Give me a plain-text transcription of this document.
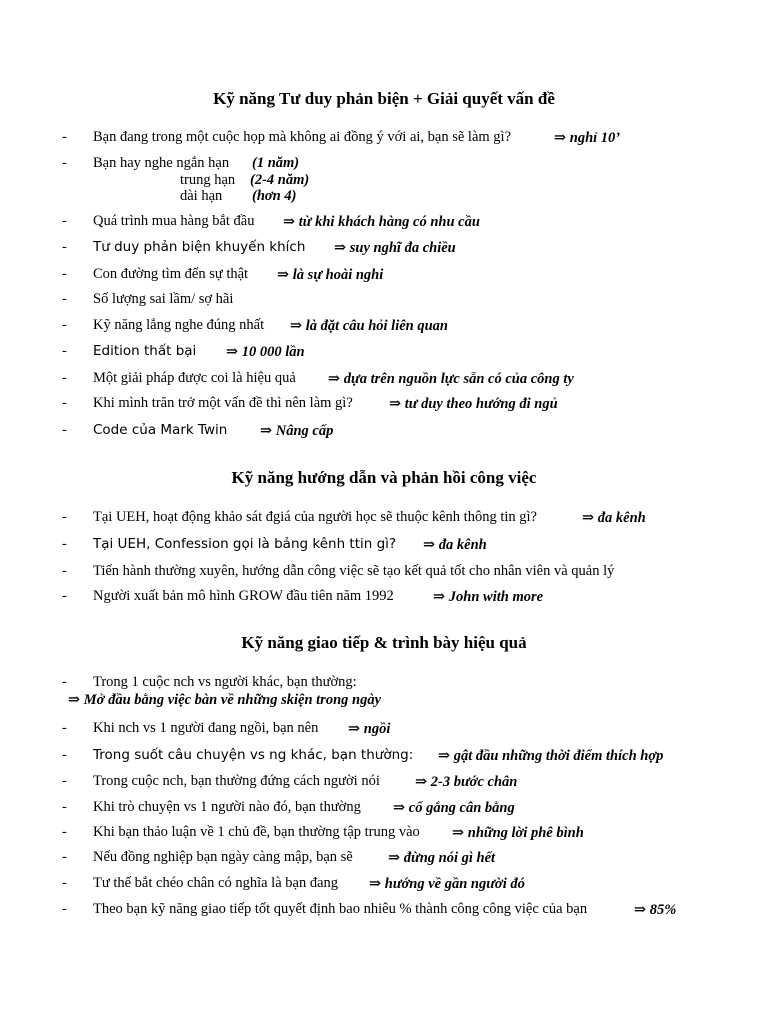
Kỹ năng Tư duy phản biện + Giải quyết vấn đề
- Bạn đang trong một cuộc họp mà không ai đồng ý với ai, bạn sẽ làm gì?	⇒ nghỉ 10’
- Bạn hay nghe ngắn hạn (1 năm)
trung hạn (2-4 năm)
dài hạn (hơn 4)
- Quá trình mua hàng bắt đầu ⇒ từ khi khách hàng có nhu cầu
- Tư duy phản biện khuyến khích ⇒ suy nghĩ đa chiều
- Con đường tìm đến sự thật ⇒ là sự hoài nghi
- Số lượng sai lầm/ sợ hãi
- Kỹ năng lắng nghe đúng nhất ⇒ là đặt câu hỏi liên quan
- Edition thất bại ⇒ 10 000 lần
- Một giải pháp được coi là hiệu quả ⇒ dựa trên nguồn lực sẵn có của công ty
- Khi mình trăn trở một vấn đề thì nên làm gì? ⇒ tư duy theo hướng đi ngủ
- Code của Mark Twin ⇒ Nâng cấp
Kỹ năng hướng dẫn và phản hồi công việc
- Tại UEH, hoạt động khảo sát đgiá của người học sẽ thuộc kênh thông tin gì?	⇒ đa kênh
- Tại UEH, Confession gọi là bảng kênh ttin gì? ⇒ đa kênh
- Tiến hành thường xuyên, hướng dẫn công việc sẽ tạo kết quả tốt cho nhân viên và quản lý
- Người xuất bản mô hình GROW đầu tiên năm 1992	⇒ John with more
Kỹ năng giao tiếp & trình bày hiệu quả
- Trong 1 cuộc nch vs người khác, bạn thường:
⇒ Mở đầu bằng việc bàn về những skiện trong ngày
- Khi nch vs 1 người đang ngồi, bạn nên ⇒ ngồi
- Trong suốt câu chuyện vs ng khác, bạn thường: ⇒ gật đầu những thời điểm thích hợp
- Trong cuộc nch, bạn thường đứng cách người nói ⇒ 2-3 bước chân
- Khi trò chuyện vs 1 người nào đó, bạn thường ⇒ cố gắng cân bằng
- Khi bạn thảo luận về 1 chủ đề, bạn thường tập trung vào ⇒ những lời phê bình
- Nếu đồng nghiệp bạn ngày càng mập, bạn sẽ ⇒ đừng nói gì hết
- Tư thế bắt chéo chân có nghĩa là bạn đang ⇒ hướng về gần người đó
- Theo bạn kỹ năng giao tiếp tốt quyết định bao nhiêu % thành công công việc của bạn	⇒ 85%
